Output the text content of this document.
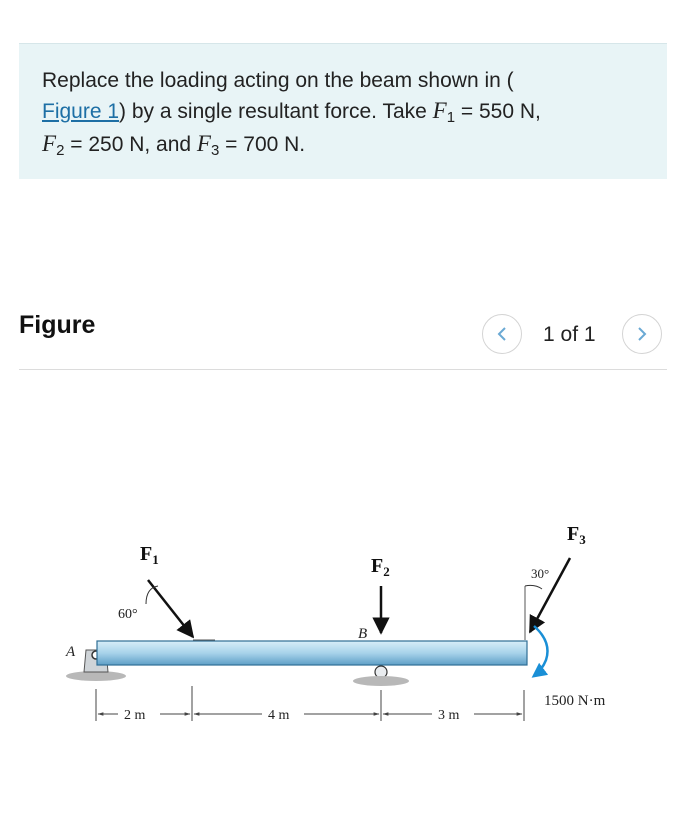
Replace the loading acting on the beam shown in (
Figure 1) by a single resultant force. Take F1 = 550 N,
F2 = 250 N, and F3 = 700 N.
Figure	1 of 1
60°
$F_1$	$F_2$
B
30°
$F_3$
1500 N·m
A
2 m	4 m	3 m
